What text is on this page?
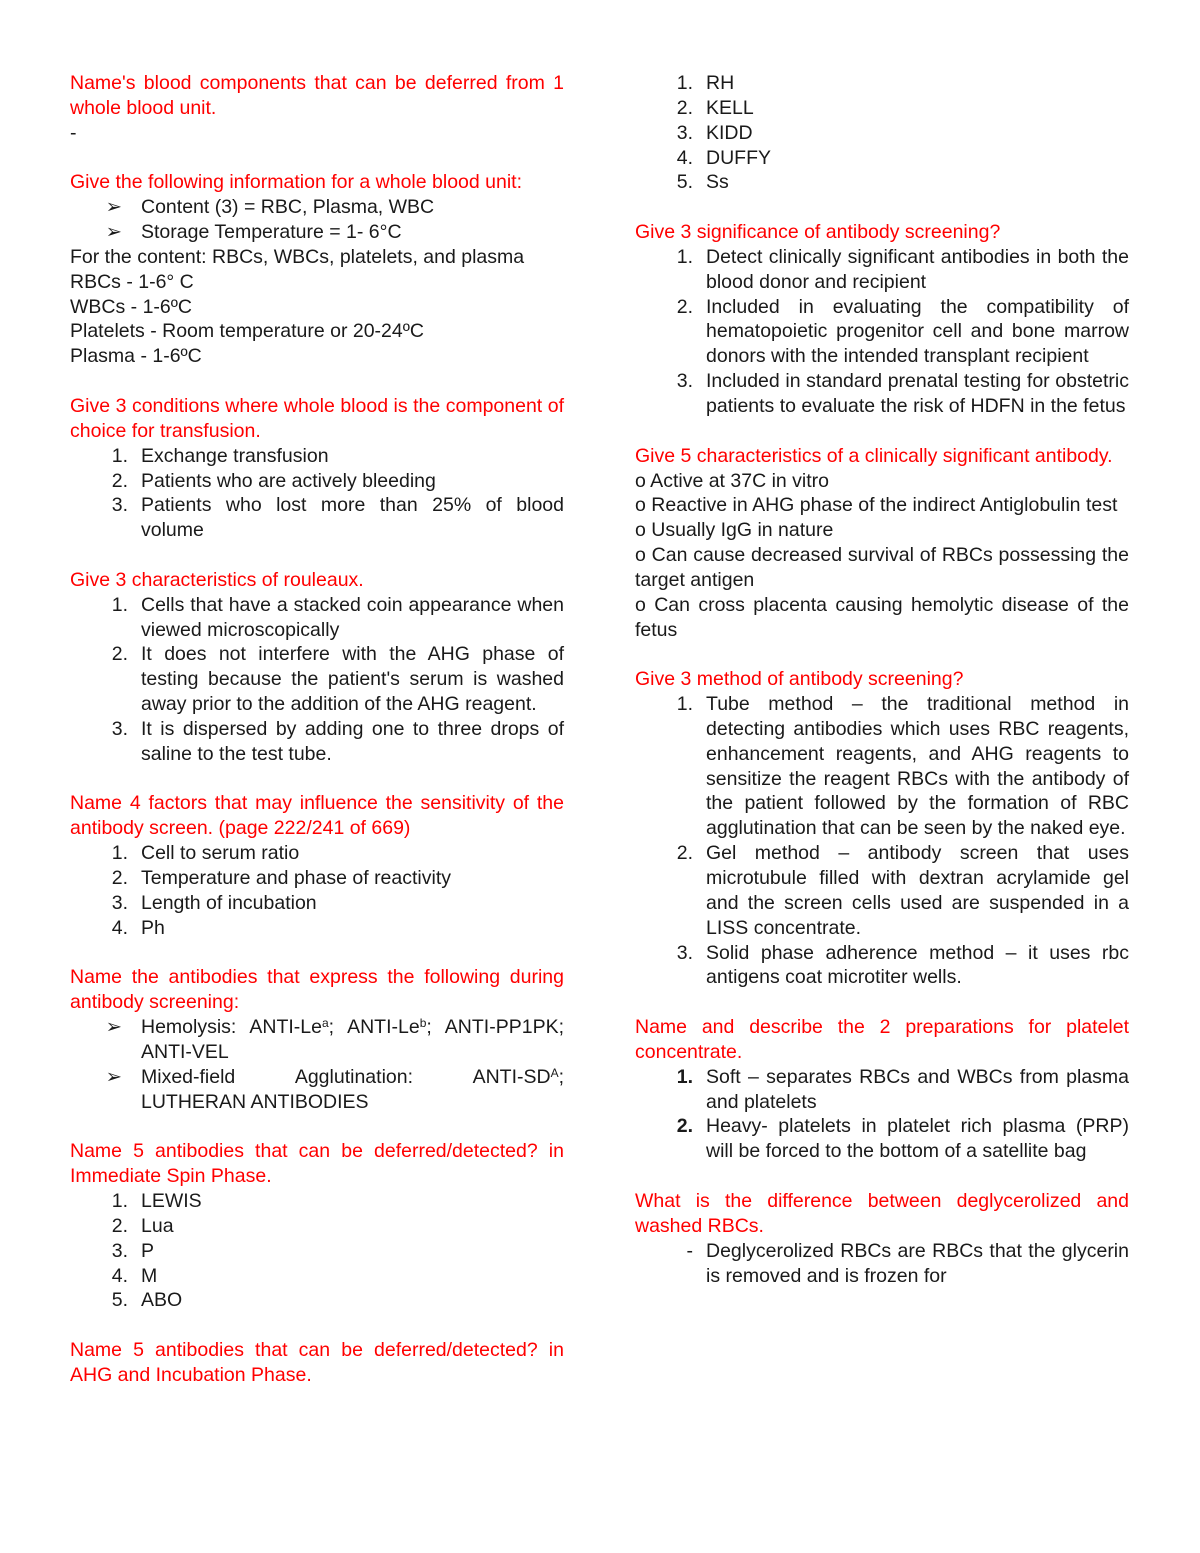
Name's blood components that can be deferred from 1 whole blood unit.
-
Give the following information for a whole blood unit:
➢ Content (3) = RBC, Plasma, WBC
➢ Storage Temperature = 1- 6°C
For the content: RBCs, WBCs, platelets, and plasma
RBCs - 1-6° C
WBCs - 1-6ºC
Platelets - Room temperature or 20-24ºC
Plasma - 1-6ºC
Give 3 conditions where whole blood is the component of choice for transfusion.
1. Exchange transfusion
2. Patients who are actively bleeding
3. Patients who lost more than 25% of blood volume
Give 3 characteristics of rouleaux.
1. Cells that have a stacked coin appearance when viewed microscopically
2. It does not interfere with the AHG phase of testing because the patient's serum is washed away prior to the addition of the AHG reagent.
3. It is dispersed by adding one to three drops of saline to the test tube.
Name 4 factors that may influence the sensitivity of the antibody screen. (page 222/241 of 669)
1. Cell to serum ratio
2. Temperature and phase of reactivity
3. Length of incubation
4. Ph
Name the antibodies that express the following during antibody screening:
➢ Hemolysis: ANTI-Le$^a$; ANTI-Le$^b$; ANTI-PP1PK; ANTI-VEL
➢ Mixed-field Agglutination:	ANTI-$SD^A$; LUTHERAN ANTIBODIES
Name 5 antibodies that can be deferred/detected? in Immediate Spin Phase.
1. LEWIS
2. Lua
3. P
4. M
5. ABO
Name 5 antibodies that can be deferred/detected? in AHG and Incubation Phase.
1. RH
2. KELL
3. KIDD
4. DUFFY
5. Ss
Give 3 significance of antibody screening?
1. Detect clinically significant antibodies in both the blood donor and recipient
2. Included in evaluating the compatibility of hematopoietic progenitor cell and bone marrow donors with the intended transplant recipient
3. Included in standard prenatal testing for obstetric patients to evaluate the risk of HDFN in the fetus
Give 5 characteristics of a clinically significant antibody.
o Active at 37C in vitro
o Reactive in AHG phase of the indirect Antiglobulin test
o Usually IgG in nature
o Can cause decreased survival of RBCs possessing the target antigen
o Can cross placenta causing hemolytic disease of the fetus
Give 3 method of antibody screening?
1. Tube method – the traditional method in detecting antibodies which uses RBC reagents, enhancement reagents, and AHG reagents to sensitize the reagent RBCs with the antibody of the patient followed by the formation of RBC agglutination that can be seen by the naked eye.
2. Gel method – antibody screen that uses microtubule filled with dextran acrylamide gel and the screen cells used are suspended in a LISS concentrate.
3. Solid phase adherence method – it uses rbc antigens coat microtiter wells.
Name and describe the 2 preparations for platelet concentrate.
1. Soft – separates RBCs and WBCs from plasma and platelets
2. Heavy- platelets in platelet rich plasma (PRP) will be forced to the bottom of a satellite bag
What is the difference between deglycerolized and washed RBCs.
- Deglycerolized RBCs are RBCs that the glycerin is removed and is frozen for
